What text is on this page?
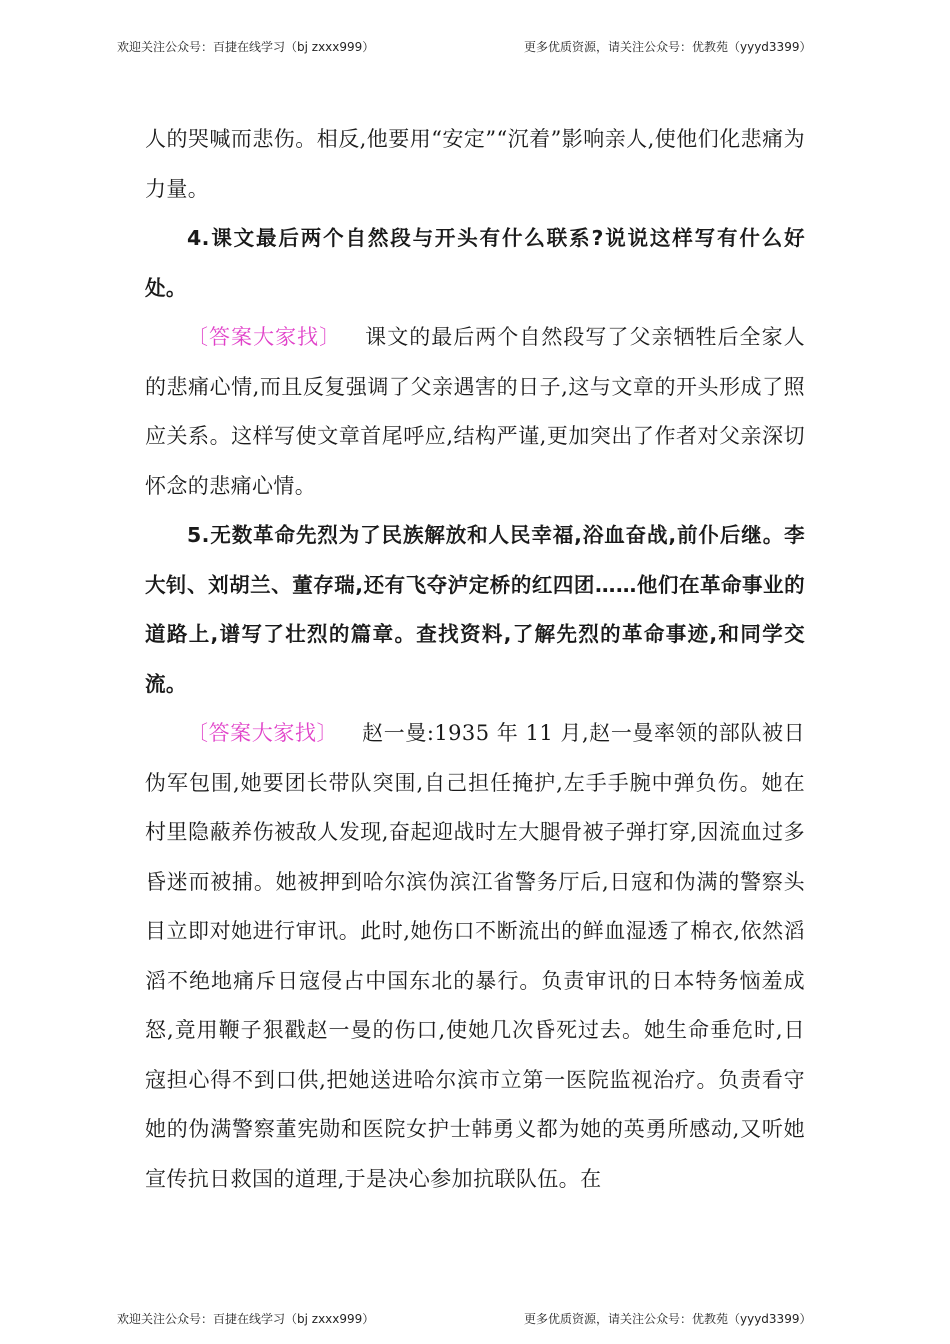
欢迎关注公众号：百捷在线学习（bj zxxx999）	更多优质资源，请关注公众号：优教苑（yyyd3399）

人的哭喊而悲伤。相反,他要用“安定”“沉着”影响亲人,使他们化悲痛为力量。

4.课文最后两个自然段与开头有什么联系?说说这样写有什么好处。

〔答案大家找〕 课文的最后两个自然段写了父亲牺牲后全家人的悲痛心情,而且反复强调了父亲遇害的日子,这与文章的开头形成了照应关系。这样写使文章首尾呼应,结构严谨,更加突出了作者对父亲深切怀念的悲痛心情。

5.无数革命先烈为了民族解放和人民幸福,浴血奋战,前仆后继。李大钊、刘胡兰、董存瑞,还有飞夺泸定桥的红四团……他们在革命事业的道路上,谱写了壮烈的篇章。查找资料,了解先烈的革命事迹,和同学交流。

〔答案大家找〕 赵一曼:1935 年 11 月,赵一曼率领的部队被日伪军包围,她要团长带队突围,自己担任掩护,左手手腕中弹负伤。她在村里隐蔽养伤被敌人发现,奋起迎战时左大腿骨被子弹打穿,因流血过多昏迷而被捕。她被押到哈尔滨伪滨江省警务厅后,日寇和伪满的警察头目立即对她进行审讯。此时,她伤口不断流出的鲜血湿透了棉衣,依然滔滔不绝地痛斥日寇侵占中国东北的暴行。负责审讯的日本特务恼羞成怒,竟用鞭子狠戳赵一曼的伤口,使她几次昏死过去。她生命垂危时,日寇担心得不到口供,把她送进哈尔滨市立第一医院监视治疗。负责看守她的伪满警察董宪勋和医院女护士韩勇义都为她的英勇所感动,又听她宣传抗日救国的道理,于是决心参加抗联队伍。在

欢迎关注公众号：百捷在线学习（bj zxxx999）	更多优质资源，请关注公众号：优教苑（yyyd3399）
